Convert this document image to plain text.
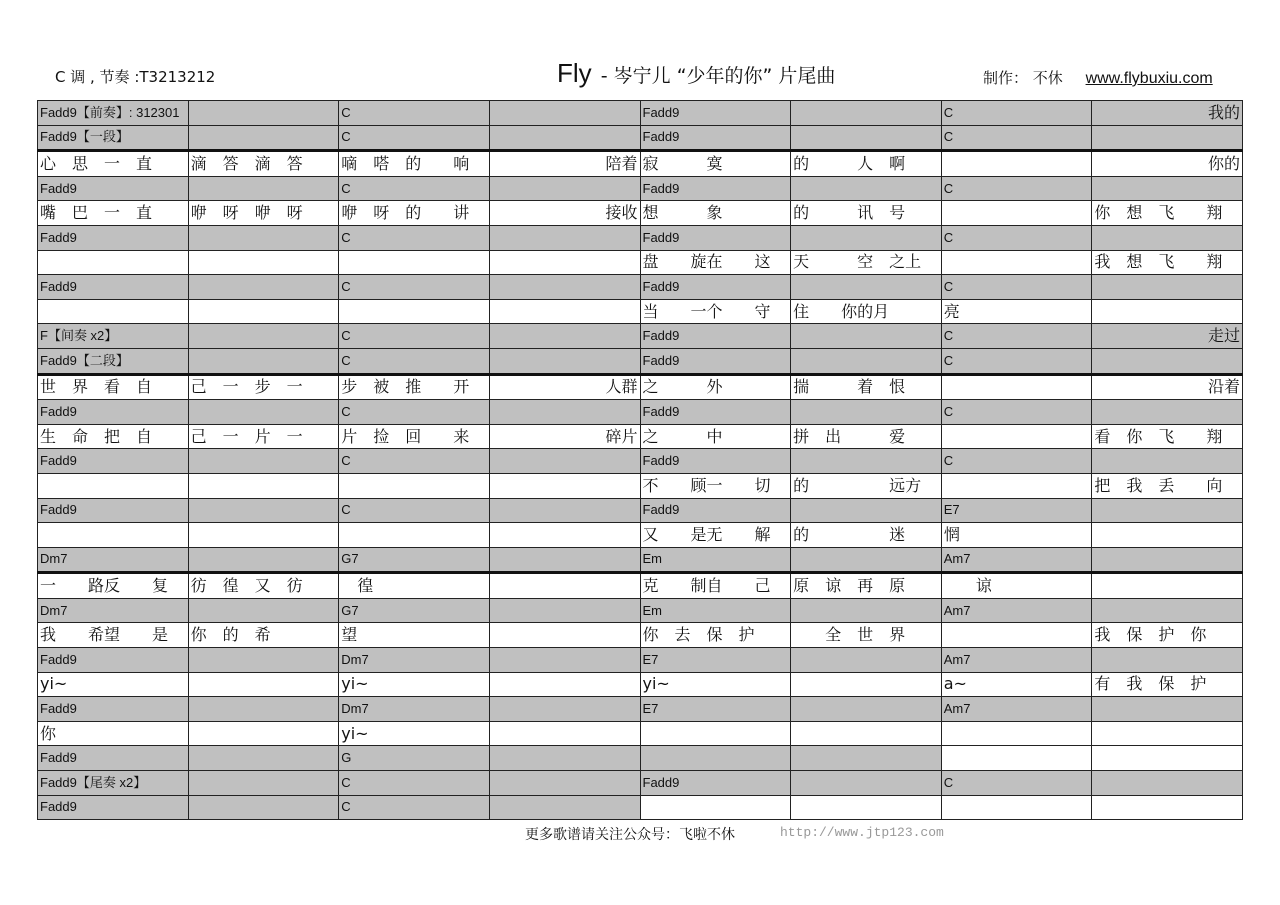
C 调 , 节奏 :T3213212	Fly - 岑宁儿 “少年的你” 片尾曲	制作： 不休 www.flybuxiu.com
Fadd9【前奏】: 312301		C		Fadd9		C	我的
Fadd9【一段】		C		Fadd9		C	
心　思　一　直	滴　答　滴　答	嘀　嗒　的　　响	陪着	寂　　　寞	的　　　人　啊		你的
Fadd9		C		Fadd9		C	
嘴　巴　一　直	咿　呀　咿　呀	咿　呀　的　　讲	接收	想　　　象	的　　　讯　号		你　想　飞　　翔
Fadd9		C		Fadd9		C	
				盘　　旋在　　这	天　　　空　之上		我　想　飞　　翔
Fadd9		C		Fadd9		C	
				当　　一个　　守	住　　你的月	亮	
F【间奏 x2】		C		Fadd9		C	走过
Fadd9【二段】		C		Fadd9		C	
世　界　看　自	己　一　步　一	步　被　推　　开	人群	之　　　外	揣　　　着　恨		沿着
Fadd9		C		Fadd9		C	
生　命　把　自	己　一　片　一	片　捡　回　　来	碎片	之　　　中	拼　出　　　爱		看　你　飞　　翔
Fadd9		C		Fadd9		C	
				不　　顾一　　切	的　　　　　远方		把　我　丢　　向
Fadd9		C		Fadd9		E7	
				又　　是无　　解	的　　　　　迷	惘	
Dm7		G7		Em		Am7	
一　　路反　　复	彷　徨　又　彷	　徨		克　　制自　　己	原　谅　再　原	　　谅	
Dm7		G7		Em		Am7	
我　　希望　　是	你　的　希	望		你　去　保　护	　　全　世　界		我　保　护　你
Fadd9		Dm7		E7		Am7	
yi~		yi~		yi~		a~	有　我　保　护
Fadd9		Dm7		E7		Am7	
你		yi~					
Fadd9		G					
Fadd9【尾奏 x2】		C		Fadd9		C	
Fadd9		C					
更多歌谱请关注公众号：飞啦不休	http://www.jtp123.com
